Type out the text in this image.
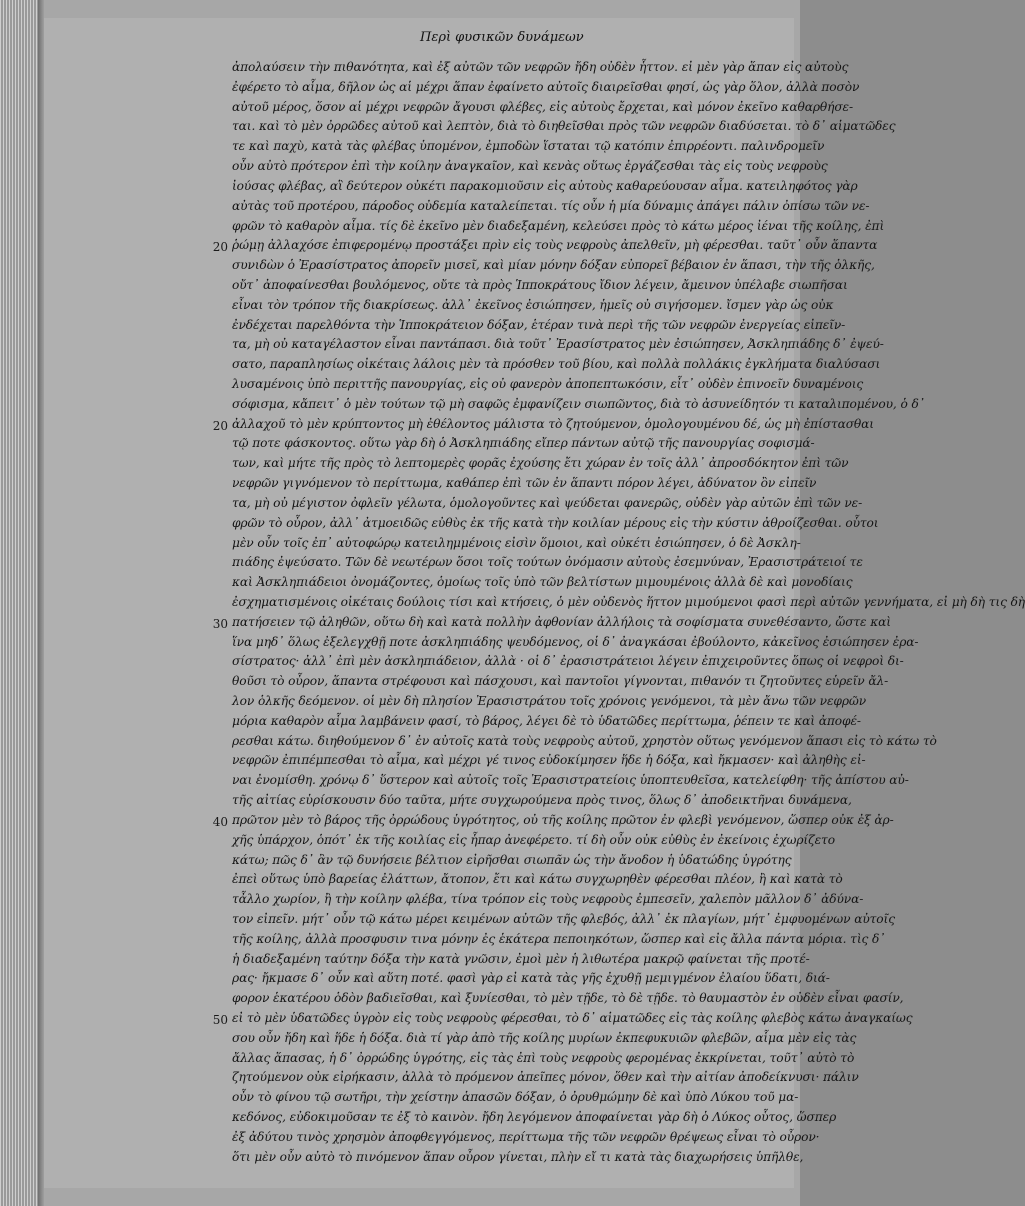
Περὶ φυσικῶν δυνάμεων
ἀπολαύσειν τὴν πιθανότητα, καὶ ἐξ αὐτῶν τῶν νεφρῶν ἤδη οὐδὲν ἧττον. εἰ μὲν γὰρ ἅπαν εἰς αὐτοὺς
ἐφέρετο τὸ αἷμα, δῆλον ὡς αἱ μέχρι ἅπαν ἐφαίνετο αὐτοῖς διαιρεῖσθαι φησί, ὡς γὰρ ὅλον, ἀλλὰ ποσὸν
αὐτοῦ μέρος, ὅσον αἱ μέχρι νεφρῶν ἄγουσι φλέβες, εἰς αὐτοὺς ἔρχεται, καὶ μόνον ἐκεῖνο καθαρθήσε-
ται. καὶ τὸ μὲν ὀρρῶδες αὐτοῦ καὶ λεπτὸν, διὰ τὸ διηθεῖσθαι πρὸς τῶν νεφρῶν διαδύσεται. τὸ δ᾽ αἱματῶδες
τε καὶ παχὺ, κατὰ τὰς φλέβας ὑπομένον, ἐμποδὼν ἵσταται τῷ κατόπιν ἐπιρρέοντι. παλινδρομεῖν
οὖν αὐτὸ πρότερον ἐπὶ τὴν κοίλην ἀναγκαῖον, καὶ κενὰς οὕτως ἐργάζεσθαι τὰς εἰς τοὺς νεφροὺς
ἰούσας φλέβας, αἳ δεύτερον οὐκέτι παρακομιοῦσιν εἰς αὐτοὺς καθαρεύουσαν αἷμα. κατειληφότος γὰρ
αὐτὰς τοῦ προτέρου, πάροδος οὐδεμία καταλείπεται. τίς οὖν ἡ μία δύναμις ἀπάγει πάλιν ὀπίσω τῶν νε-
φρῶν τὸ καθαρὸν αἷμα. τίς δὲ ἐκεῖνο μὲν διαδεξαμένη, κελεύσει πρὸς τὸ κάτω μέρος ἰέναι τῆς κοίλης, ἐπὶ
ῥώμῃ ἀλλαχόσε ἐπιφερομένῳ προστάξει πρὶν εἰς τοὺς νεφροὺς ἀπελθεῖν, μὴ φέρεσθαι. ταῦτ᾽ οὖν ἅπαντα
συνιδὼν ὁ Ἐρασίστρατος ἀπορεῖν μισεῖ, καὶ μίαν μόνην δόξαν εὐπορεῖ βέβαιον ἐν ἅπασι, τὴν τῆς ὁλκῆς,
οὔτ᾽ ἀποφαίνεσθαι βουλόμενος, οὔτε τὰ πρὸς Ἱπποκράτους ἴδιον λέγειν, ἄμεινον ὑπέλαβε σιωπῆσαι
εἶναι τὸν τρόπον τῆς διακρίσεως. ἀλλ᾽ ἐκεῖνος ἐσιώπησεν, ἡμεῖς οὐ σιγήσομεν. ἴσμεν γὰρ ὡς οὐκ
ἐνδέχεται παρελθόντα τὴν Ἱπποκράτειον δόξαν, ἑτέραν τινὰ περὶ τῆς τῶν νεφρῶν ἐνεργείας εἰπεῖν-
τα, μὴ οὐ καταγέλαστον εἶναι παντάπασι. διὰ τοῦτ᾽ Ἐρασίστρατος μὲν ἐσιώπησεν, Ἀσκληπιάδης δ᾽ ἐψεύ-
σατο, παραπλησίως οἰκέταις λάλοις μὲν τὰ πρόσθεν τοῦ βίου, καὶ πολλὰ πολλάκις ἐγκλήματα διαλύσασι
λυσαμένοις ὑπὸ περιττῆς πανουργίας, εἰς οὐ φανερὸν ἀποπεπτωκόσιν, εἶτ᾽ οὐδὲν ἐπινοεῖν δυναμένοις
σόφισμα, κἄπειτ᾽ ὁ μὲν τούτων τῷ μὴ σαφῶς ἐμφανίζειν σιωπῶντος, διὰ τὸ ἀσυνείδητόν τι καταλιπομένου, ὁ δ᾽
ἀλλαχοῦ τὸ μὲν κρύπτοντος μὴ ἐθέλοντος μάλιστα τὸ ζητούμενον, ὁμολογουμένου δέ, ὡς μὴ ἐπίστασθαι
τῷ ποτε φάσκοντος. οὕτω γὰρ δὴ ὁ Ἀσκληπιάδης εἴπερ πάντων αὐτῷ τῆς πανουργίας σοφισμά-
των, καὶ μήτε τῆς πρὸς τὸ λεπτομερὲς φορᾶς ἐχούσης ἔτι χώραν ἐν τοῖς ἀλλ᾽ ἀπροσδόκητον ἐπὶ τῶν
νεφρῶν γιγνόμενον τὸ περίττωμα, καθάπερ ἐπὶ τῶν ἐν ἅπαντι πόρον λέγει, ἀδύνατον ὂν εἰπεῖν
τα, μὴ οὐ μέγιστον ὀφλεῖν γέλωτα, ὁμολογοῦντες καὶ ψεύδεται φανερῶς, οὐδὲν γὰρ αὐτῶν ἐπὶ τῶν νε-
φρῶν τὸ οὖρον, ἀλλ᾽ ἀτμοειδῶς εὐθὺς ἐκ τῆς κατὰ τὴν κοιλίαν μέρους εἰς τὴν κύστιν ἀθροίζεσθαι. οὗτοι
μὲν οὖν τοῖς ἐπ᾽ αὐτοφώρῳ κατειλημμένοις εἰσὶν ὅμοιοι, καὶ οὐκέτι ἐσιώπησεν, ὁ δὲ Ἀσκλη-
πιάδης ἐψεύσατο. Τῶν δὲ νεωτέρων ὅσοι τοῖς τούτων ὀνόμασιν αὐτοὺς ἐσεμνύναν, Ἐρασιστράτειοί τε
καὶ Ἀσκληπιάδειοι ὀνομάζοντες, ὁμοίως τοῖς ὑπὸ τῶν βελτίστων μιμουμένοις ἀλλὰ δὲ καὶ μονοδίαις
ἐσχηματισμένοις οἰκέταις δούλοις τίσι καὶ κτήσεις, ὁ μὲν οὐδενὸς ἥττον μιμούμενοι φασὶ περὶ αὐτῶν γεννήματα, εἰ μὴ δὴ τις δὴ
πατήσειεν τῷ ἀληθῶν, οὕτω δὴ καὶ κατὰ πολλὴν ἀφθονίαν ἀλλήλοις τὰ σοφίσματα συνεθέσαντο, ὥστε καὶ
ἵνα μηδ᾽ ὅλως ἐξελεγχθῇ ποτε ἀσκληπιάδης ψευδόμενος, οἱ δ᾽ ἀναγκάσαι ἐβούλοντο, κἀκεῖνος ἐσιώπησεν ἐρα-
σίστρατος· ἀλλ᾽ ἐπὶ μὲν ἀσκληπιάδειον, ἀλλὰ · οἱ δ᾽ ἐρασιστράτειοι λέγειν ἐπιχειροῦντες ὅπως οἱ νεφροὶ δι-
θοῦσι τὸ οὖρον, ἅπαντα στρέφουσι καὶ πάσχουσι, καὶ παντοῖοι γίγνονται, πιθανόν τι ζητοῦντες εὑρεῖν ἄλ-
λον ὁλκῆς δεόμενον. οἱ μὲν δὴ πλησίον Ἐρασιστράτου τοῖς χρόνοις γενόμενοι, τὰ μὲν ἄνω τῶν νεφρῶν
μόρια καθαρὸν αἷμα λαμβάνειν φασί, τὸ βάρος, λέγει δὲ τὸ ὑδατῶδες περίττωμα, ῥέπειν τε καὶ ἀποφέ-
ρεσθαι κάτω. διηθούμενον δ᾽ ἐν αὐτοῖς κατὰ τοὺς νεφροὺς αὐτοῦ, χρηστὸν οὕτως γενόμενον ἅπασι εἰς τὸ κάτω τὸ
νεφρῶν ἐπιπέμπεσθαι τὸ αἷμα, καὶ μέχρι γέ τινος εὐδοκίμησεν ἥδε ἡ δόξα, καὶ ἤκμασεν· καὶ ἀληθὴς εἰ-
ναι ἐνομίσθη. χρόνῳ δ᾽ ὕστερον καὶ αὐτοῖς τοῖς Ἐρασιστρατείοις ὑποπτευθεῖσα, κατελείφθη· τῆς ἀπίστου αὐ-
τῆς αἰτίας εὑρίσκουσιν δύο ταῦτα, μήτε συγχωρούμενα πρὸς τινος, ὅλως δ᾽ ἀποδεικτῆναι δυνάμενα,
πρῶτον μὲν τὸ βάρος τῆς ὀρρώδους ὑγρότητος, οὐ τῆς κοίλης πρῶτον ἐν φλεβὶ γενόμενον, ὥσπερ οὐκ ἐξ ἀρ-
χῆς ὑπάρχον, ὁπότ᾽ ἐκ τῆς κοιλίας εἰς ἧπαρ ἀνεφέρετο. τί δὴ οὖν οὐκ εὐθὺς ἐν ἐκείνοις ἐχωρίζετο
κάτω; πῶς δ᾽ ἂν τῷ δυνήσειε βέλτιον εἰρῆσθαι σιωπᾶν ὡς τὴν ἄνοδον ἡ ὑδατώδης ὑγρότης
ἐπεὶ οὕτως ὑπὸ βαρείας ἐλάττων, ἄτοπον, ἔτι καὶ κάτω συγχωρηθὲν φέρεσθαι πλέον, ἢ καὶ κατὰ τὸ
τἆλλο χωρίον, ἢ τὴν κοίλην φλέβα, τίνα τρόπον εἰς τοὺς νεφροὺς ἐμπεσεῖν, χαλεπὸν μᾶλλον δ᾽ ἀδύνα-
τον εἰπεῖν. μήτ᾽ οὖν τῷ κάτω μέρει κειμένων αὐτῶν τῆς φλεβός, ἀλλ᾽ ἐκ πλαγίων, μήτ᾽ ἐμφυομένων αὐτοῖς
τῆς κοίλης, ἀλλὰ προσφυσιν τινα μόνην ἐς ἑκάτερα πεποιηκότων, ὥσπερ καὶ εἰς ἄλλα πάντα μόρια. τὶς δ᾽
ἡ διαδεξαμένη ταύτην δόξα τὴν κατὰ γνῶσιν, ἐμοὶ μὲν ἡ λιθωτέρα μακρῷ φαίνεται τῆς προτέ-
ρας· ἤκμασε δ᾽ οὖν καὶ αὕτη ποτέ. φασὶ γὰρ εἰ κατὰ τὰς γῆς ἐχυθῇ μεμιγμένον ἐλαίου ὕδατι, διά-
φορον ἑκατέρου ὁδὸν βαδιεῖσθαι, καὶ ξυνίεσθαι, τὸ μὲν τῇδε, τὸ δὲ τῇδε. τὸ θαυμαστὸν ἐν οὐδὲν εἶναι φασίν,
εἰ τὸ μὲν ὑδατῶδες ὑγρὸν εἰς τοὺς νεφροὺς φέρεσθαι, τὸ δ᾽ αἱματῶδες εἰς τὰς κοίλης φλεβὸς κάτω ἀναγκαίως
σου οὖν ἤδη καὶ ἥδε ἡ δόξα. διὰ τί γὰρ ἀπὸ τῆς κοίλης μυρίων ἐκπεφυκυιῶν φλεβῶν, αἷμα μὲν εἰς τὰς
ἄλλας ἅπασας, ἡ δ᾽ ὀρρώδης ὑγρότης, εἰς τὰς ἐπὶ τοὺς νεφροὺς φερομένας ἐκκρίνεται, τοῦτ᾽ αὐτὸ τὸ
ζητούμενον οὐκ εἰρήκασιν, ἀλλὰ τὸ πρόμενον ἀπεῖπες μόνον, ὅθεν καὶ τὴν αἰτίαν ἀποδείκνυσι· πάλιν
οὖν τὸ φίνου τῷ σωτῆρι, τὴν χείστην ἁπασῶν δόξαν, ὁ ὀρυθμώμην δὲ καὶ ὑπὸ Λύκου τοῦ μα-
κεδόνος, εὐδοκιμοῦσαν τε ἐξ τὸ καινὸν. ἤδη λεγόμενον ἀποφαίνεται γὰρ δὴ ὁ Λύκος οὗτος, ὥσπερ
ἐξ ἀδύτου τινὸς χρησμὸν ἀποφθεγγόμενος, περίττωμα τῆς τῶν νεφρῶν θρέψεως εἶναι τὸ οὖρον·
ὅτι μὲν οὖν αὐτὸ τὸ πινόμενον ἅπαν οὖρον γίνεται, πλὴν εἴ τι κατὰ τὰς διαχωρήσεις ὑπῆλθε,
20
20
30
40
50
